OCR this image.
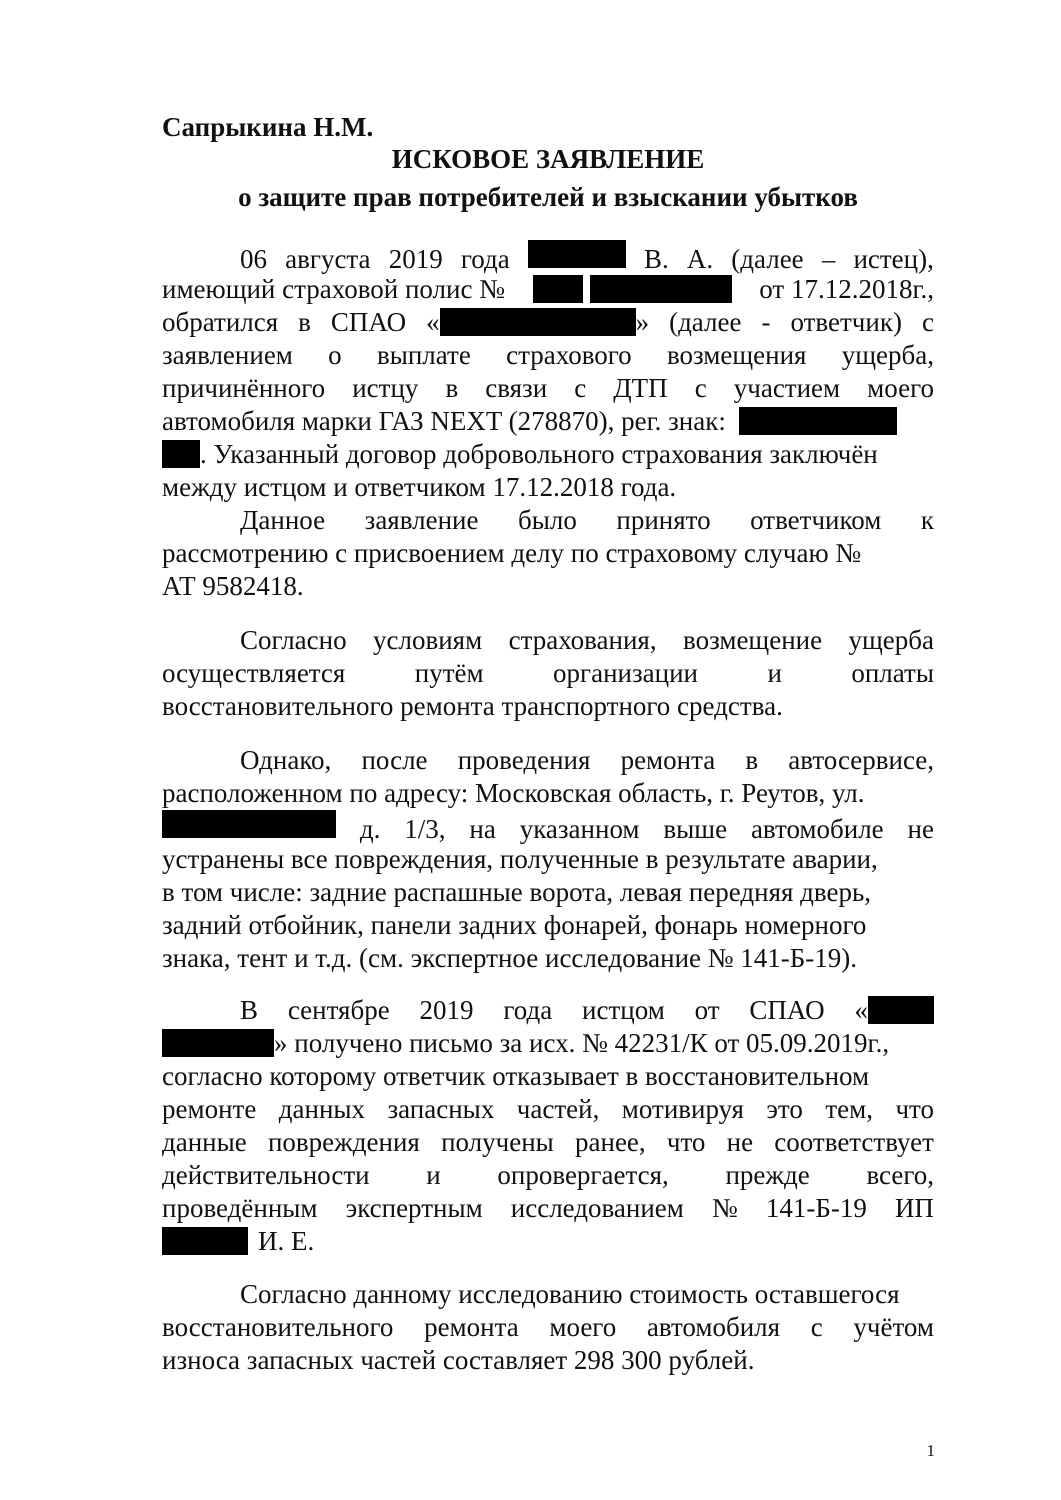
Сапрыкина Н.М.
ИСКОВОЕ ЗАЯВЛЕНИЕ
о защите прав потребителей и взыскании убытков
06 августа 2019 года	В. А. (далее – истец),
имеющий страховой полис №
	от 17.12.2018г.,
обратился в СПАО «	» (далее - ответчик) с
заявлением о выплате страхового возмещения ущерба,
причинённого истцу в связи с ДТП с участием моего
автомобиля марки ГАЗ NEXT (278870), рег. знак:
. Указанный договор добровольного страхования заключён
между истцом и ответчиком 17.12.2018 года.
Данное заявление было принято ответчиком к
рассмотрению с присвоением делу по страховому случаю №
АТ 9582418.
Согласно условиям страхования, возмещение ущерба
осуществляется	путём	организации	и	оплаты
восстановительного ремонта транспортного средства.
Однако, после проведения ремонта в автосервисе,
расположенном по адресу: Московская область, г. Реутов, ул.
д. 1/3, на указанном выше автомобиле не
устранены все повреждения, полученные в результате аварии,
в том числе: задние распашные ворота, левая передняя дверь,
задний отбойник, панели задних фонарей, фонарь номерного
знака, тент и т.д. (см. экспертное исследование № 141-Б-19).
В сентябре 2019 года истцом от СПАО «
» получено письмо за исх. № 42231/К от 05.09.2019г.,
согласно которому ответчик отказывает в восстановительном
ремонте данных запасных частей, мотивируя это тем, что
данные повреждения получены ранее, что не соответствует
действительности и опровергается, прежде всего,
проведённым экспертным исследованием № 141-Б-19 ИП
И. Е.
Согласно данному исследованию стоимость оставшегося
восстановительного ремонта моего автомобиля с учётом
износа запасных частей составляет 298 300 рублей.
1
